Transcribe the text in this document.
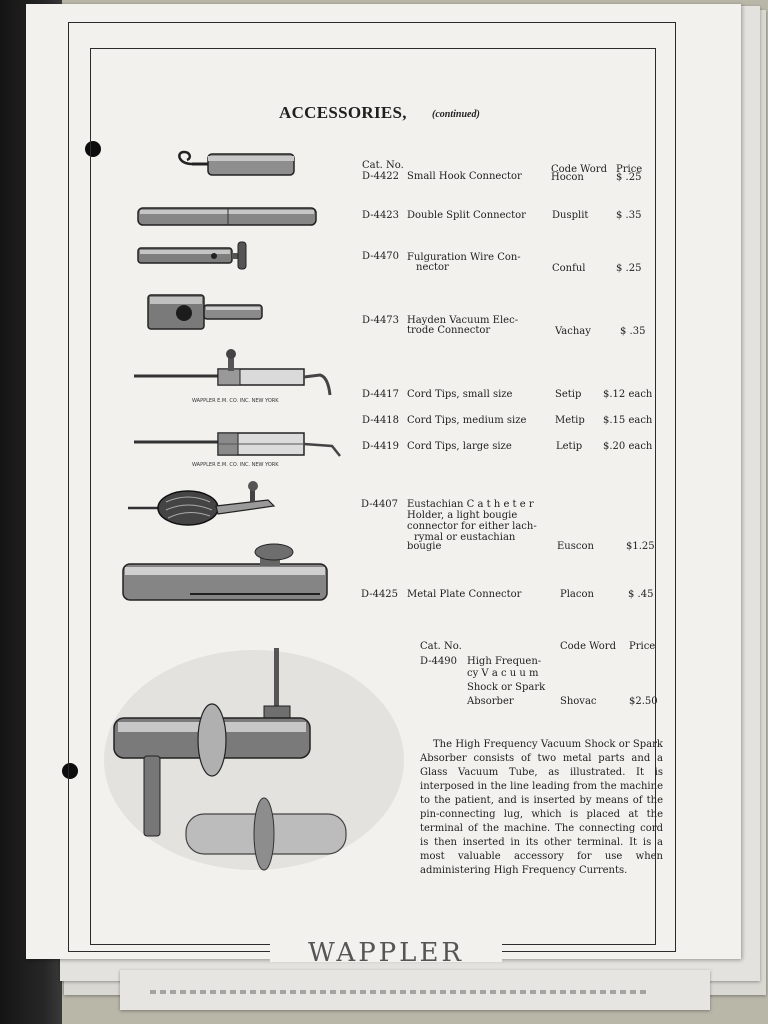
WAPPLER
ACCESSORIES,	(continued)
Cat. No.	Code Word Price
D-4422 Small Hook Connector	Hocon	$ .25
D-4423 Double Split Connector	Dusplit	$ .35
D-4470 Fulguration Wire Con-
nector	Conful	$ .25
D-4473 Hayden Vacuum Elec-
trode Connector	Vachay	$ .35
D-4417 Cord Tips, small size	Setip $.12 each
D-4418 Cord Tips, medium size	Metip $.15 each
D-4419 Cord Tips, large size	Letip $.20 each
D-4407 Eustachian C a t h e t e r
Holder, a light bougie
connector for either lach-
rymal or eustachian
bougie	Euscon	$1.25
D-4425 Metal Plate Connector	Placon	$ .45
Cat. No.	Code Word Price
D-4490 High Frequen-
cy V a c u u m
Shock or Spark
Absorber	Shovac	$2.50
The High Frequency Vacuum Shock or Spark Absorber consists of two metal parts and a Glass Vacuum Tube, as illustrated. It is interposed in the line leading from the machine to the patient, and is inserted by means of the pin-connecting lug, which is placed at the terminal of the machine. The connecting cord is then inserted in its other terminal. It is a most valuable accessory for use when administering High Frequency Currents.
WAPPLER E.M. CO. INC. NEW YORK
WAPPLER E.M. CO. INC. NEW YORK
